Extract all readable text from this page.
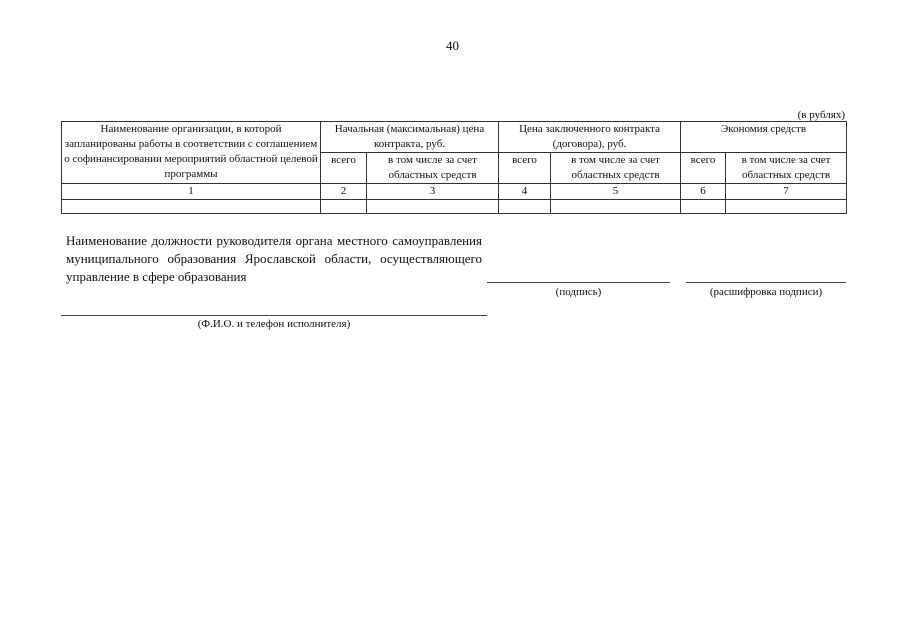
40
(в рублях)
Наименование организации, в которой запланированы работы в соответствии с соглашением о софинансировании мероприятий областной целевой программы	Начальная (максимальная) цена контракта, руб.		Цена заключенного контракта (договора), руб.		Экономия средств	
	всего	в том числе за счет областных средств	всего	в том числе за счет областных средств	всего	в том числе за счет областных средств
1	2	3	4	5	6	7

Наименование должности руководителя органа местного самоуправления муниципального образования Ярославской области, осуществляющего управление в сфере образования
(подпись)	(расшифровка подписи)
(Ф.И.О. и телефон исполнителя)
